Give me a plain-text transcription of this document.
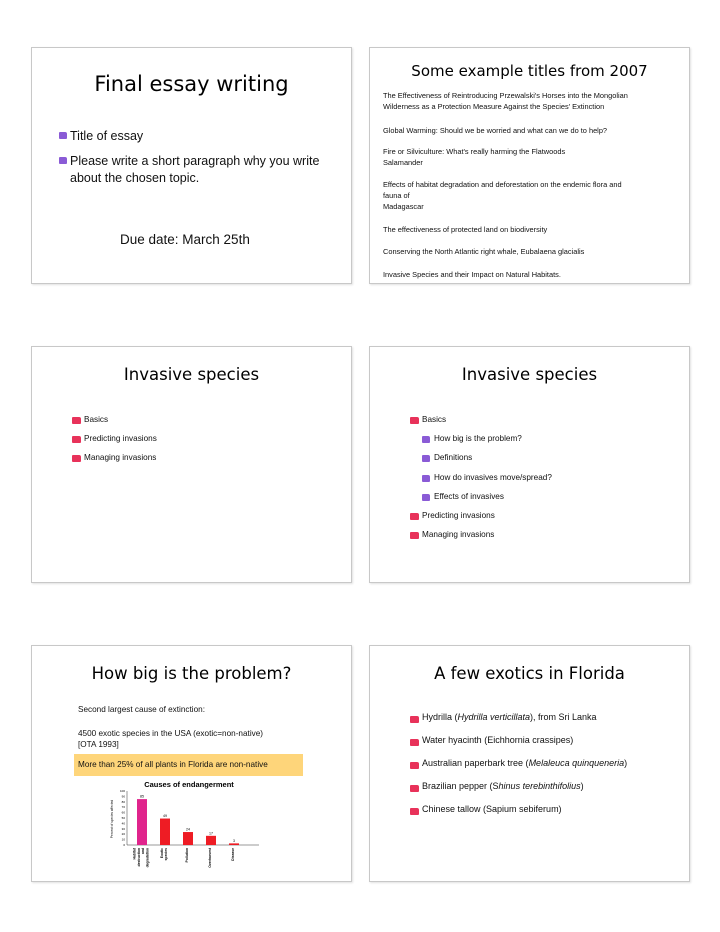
Final essay writing
Title of essay
Please write a short paragraph why you write
about the chosen topic.
Due date: March 25th
Some example titles from 2007
The Effectiveness of Reintroducing Przewalski's Horses into the Mongolian
Wilderness as a Protection Measure Against the Species' Extinction
Global Warming: Should we be worried and what can we do to help?
Fire or Silviculture: What's really harming the Flatwoods
Salamander
Effects of habitat degradation and deforestation on the endemic flora and
fauna of
Madagascar
The effectiveness of protected land on biodiversity
Conserving the North Atlantic right whale, Eubalaena glacialis
Invasive Species and their Impact on Natural Habitats.
Invasive species
Basics
Predicting invasions
Managing invasions
Invasive species
Basics
How big is the problem?
Definitions
How do invasives move/spread?
Effects of invasives
Predicting invasions
Managing invasions
How big is the problem?
Second largest cause of extinction:
4500 exotic species in the USA (exotic=non-native)
[OTA 1993]
More than 25% of all plants in Florida are non-native
Causes of endangerment
Percent of species affected
100
90
80
70
60
50
40
30
20
10
0
85
Habitat destruction and degradation
49
Exotic species
24
Pollution
17
Overharvest
3
Disease
A few exotics in Florida
Hydrilla (Hydrilla verticillata), from Sri Lanka
Water hyacinth (Eichhornia crassipes)
Australian paperbark tree (Melaleuca quinqueneria)
Brazilian pepper (Shinus terebinthifolius)
Chinese tallow (Sapium sebiferum)
